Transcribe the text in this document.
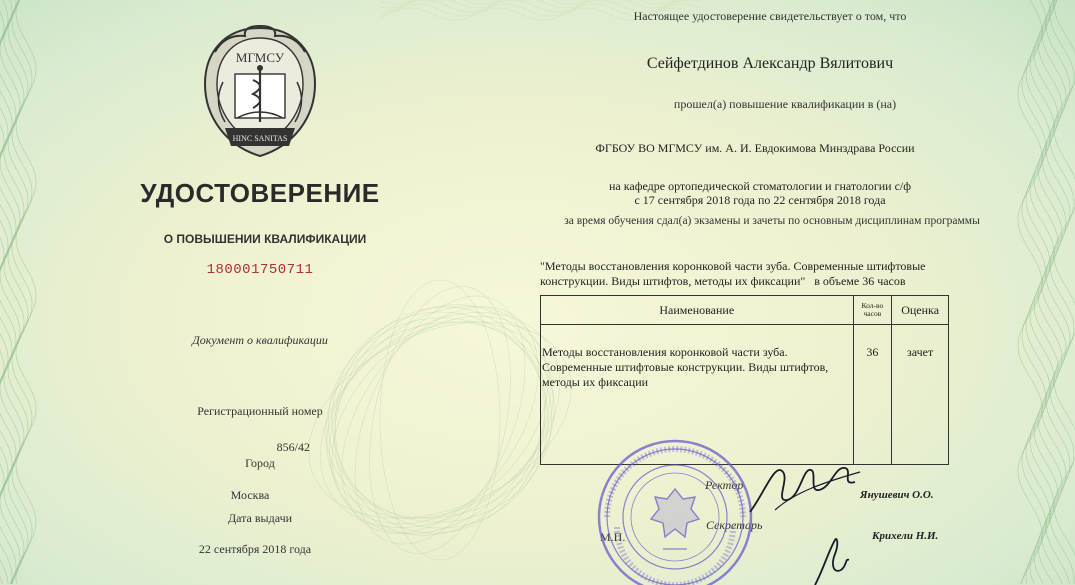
МГМСУ
HINC SANITAS
УДОСТОВЕРЕНИЕ
О ПОВЫШЕНИИ КВАЛИФИКАЦИИ
180001750711
Документ о квалификации
Регистрационный номер
856/42
Город
Москва
Дата выдачи
22 сентября 2018 года
Настоящее удостоверение свидетельствует о том, что
Сейфетдинов Александр Вялитович
прошел(а) повышение квалификации в (на)
ФГБОУ ВО МГМСУ им. А. И. Евдокимова Минздрава России
на кафедре ортопедической стоматологии и гнатологии с/ф
с 17 сентября 2018 года по 22 сентября 2018 года
за время обучения сдал(а) экзамены и зачеты по основным дисциплинам программы
"Методы восстановления коронковой части зуба. Современные штифтовые
конструкции. Виды штифтов, методы их фиксации"   в объеме 36 часов
Наименование	Кол-во часов	Оценка
Методы восстановления коронковой части зуба. Современные штифтовые конструкции. Виды штифтов, методы их фиксации	36	зачет
Ректор
Янушевич О.О.
Секретарь
Крихели Н.И.
М.П.
